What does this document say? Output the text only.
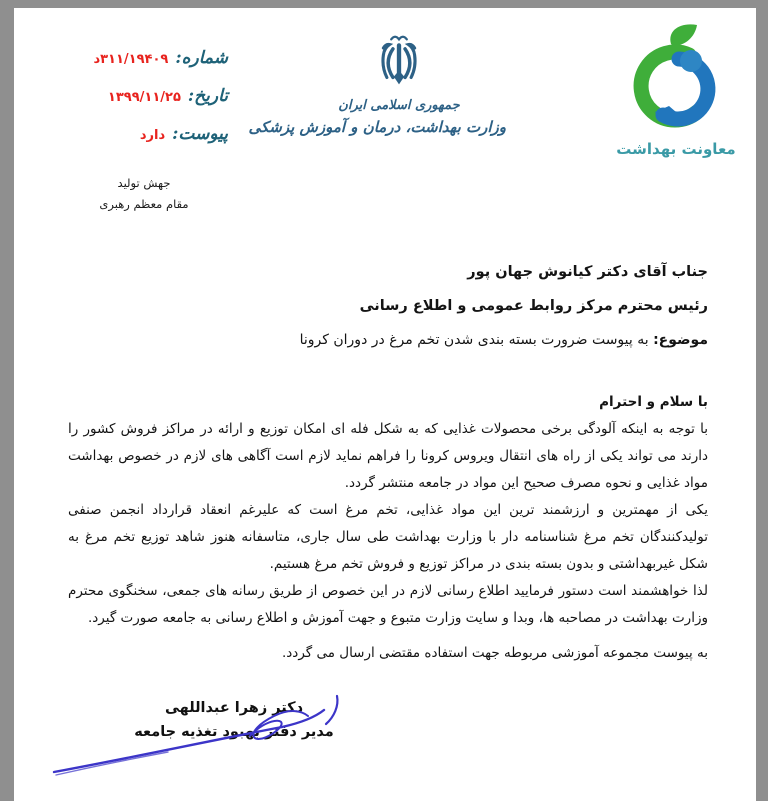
شماره:
۳۱۱/۱۹۴۰۹د
تاریخ:
۱۳۹۹/۱۱/۲۵
پیوست:
دارد
جهش تولید
مقام معظم رهبری
جمهوری اسلامی ایران
وزارت بهداشت، درمان و آموزش پزشکی
معاونت بهداشت
جناب آقای دکتر کیانوش جهان پور
رئیس محترم مرکز روابط عمومی و اطلاع رسانی
موضوع: به پیوست ضرورت بسته بندی شدن تخم مرغ در دوران کرونا
با سلام و احترام

با توجه به اینکه آلودگی برخی محصولات غذایی که به شکل فله ای امکان توزیع و ارائه در مراکز فروش کشور را دارند می تواند یکی از راه های انتقال ویروس کرونا را فراهم نماید لازم است آگاهی های لازم در خصوص بهداشت مواد غذایی و نحوه مصرف صحیح این مواد در جامعه منتشر گردد.

یکی از مهمترین و ارزشمند ترین این مواد غذایی، تخم مرغ است که علیرغم انعقاد قرارداد انجمن صنفی تولیدکنندگان تخم مرغ شناسنامه دار با وزارت بهداشت طی سال جاری، متاسفانه هنوز شاهد توزیع تخم مرغ به شکل غیربهداشتی و بدون بسته بندی در مراکز توزیع و فروش تخم مرغ هستیم.

لذا خواهشمند است دستور فرمایید اطلاع رسانی لازم در این خصوص از طریق رسانه های جمعی، سخنگوی محترم وزارت بهداشت در مصاحبه ها، وبدا و سایت وزارت متبوع و جهت آموزش و اطلاع رسانی به جامعه صورت گیرد.

به پیوست مجموعه آموزشی مربوطه جهت استفاده مقتضی ارسال می گردد.
دکتر زهرا عبداللهی
مدیر دفتر بهبود تغذیه جامعه
